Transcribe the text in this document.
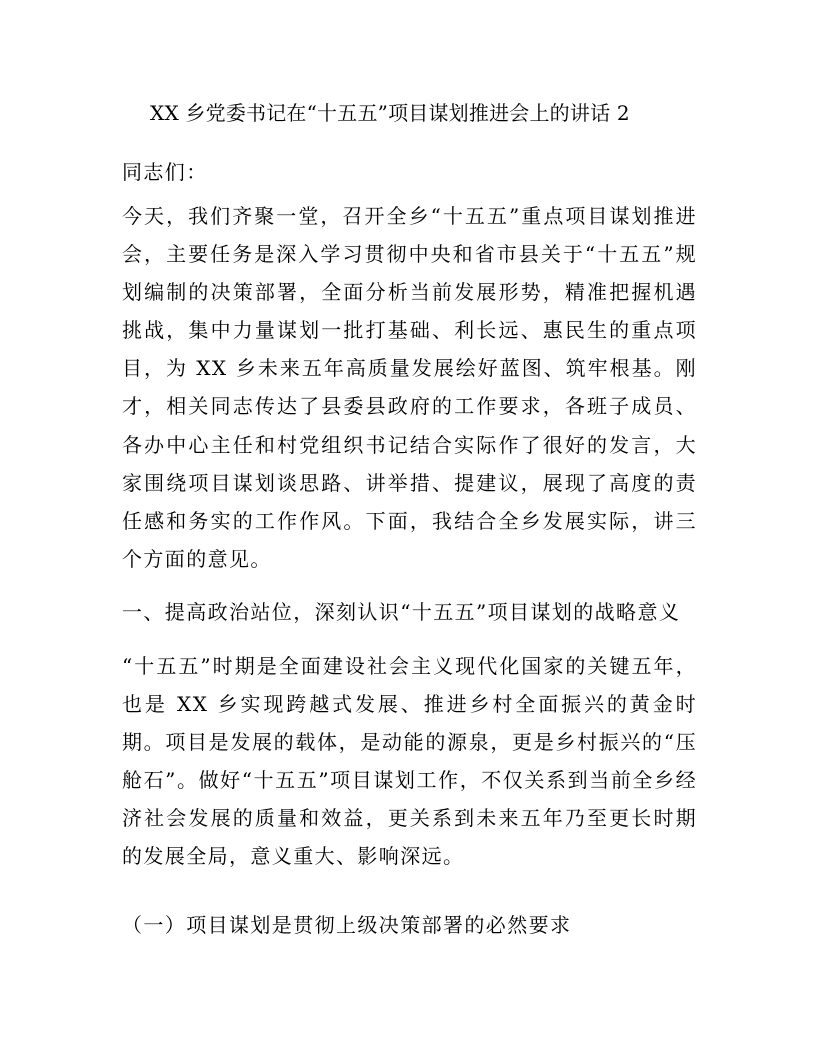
XX 乡党委书记在“十五五”项目谋划推进会上的讲话 2

同志们：

今天，我们齐聚一堂，召开全乡“十五五”重点项目谋划推进会，主要任务是深入学习贯彻中央和省市县关于“十五五”规划编制的决策部署，全面分析当前发展形势，精准把握机遇挑战，集中力量谋划一批打基础、利长远、惠民生的重点项目，为 XX 乡未来五年高质量发展绘好蓝图、筑牢根基。刚才，相关同志传达了县委县政府的工作要求，各班子成员、各办中心主任和村党组织书记结合实际作了很好的发言，大家围绕项目谋划谈思路、讲举措、提建议，展现了高度的责任感和务实的工作作风。下面，我结合全乡发展实际，讲三个方面的意见。

一、提高政治站位，深刻认识“十五五”项目谋划的战略意义

“十五五”时期是全面建设社会主义现代化国家的关键五年，也是 XX 乡实现跨越式发展、推进乡村全面振兴的黄金时期。项目是发展的载体，是动能的源泉，更是乡村振兴的“压舱石”。做好“十五五”项目谋划工作，不仅关系到当前全乡经济社会发展的质量和效益，更关系到未来五年乃至更长时期的发展全局，意义重大、影响深远。

（一）项目谋划是贯彻上级决策部署的必然要求
